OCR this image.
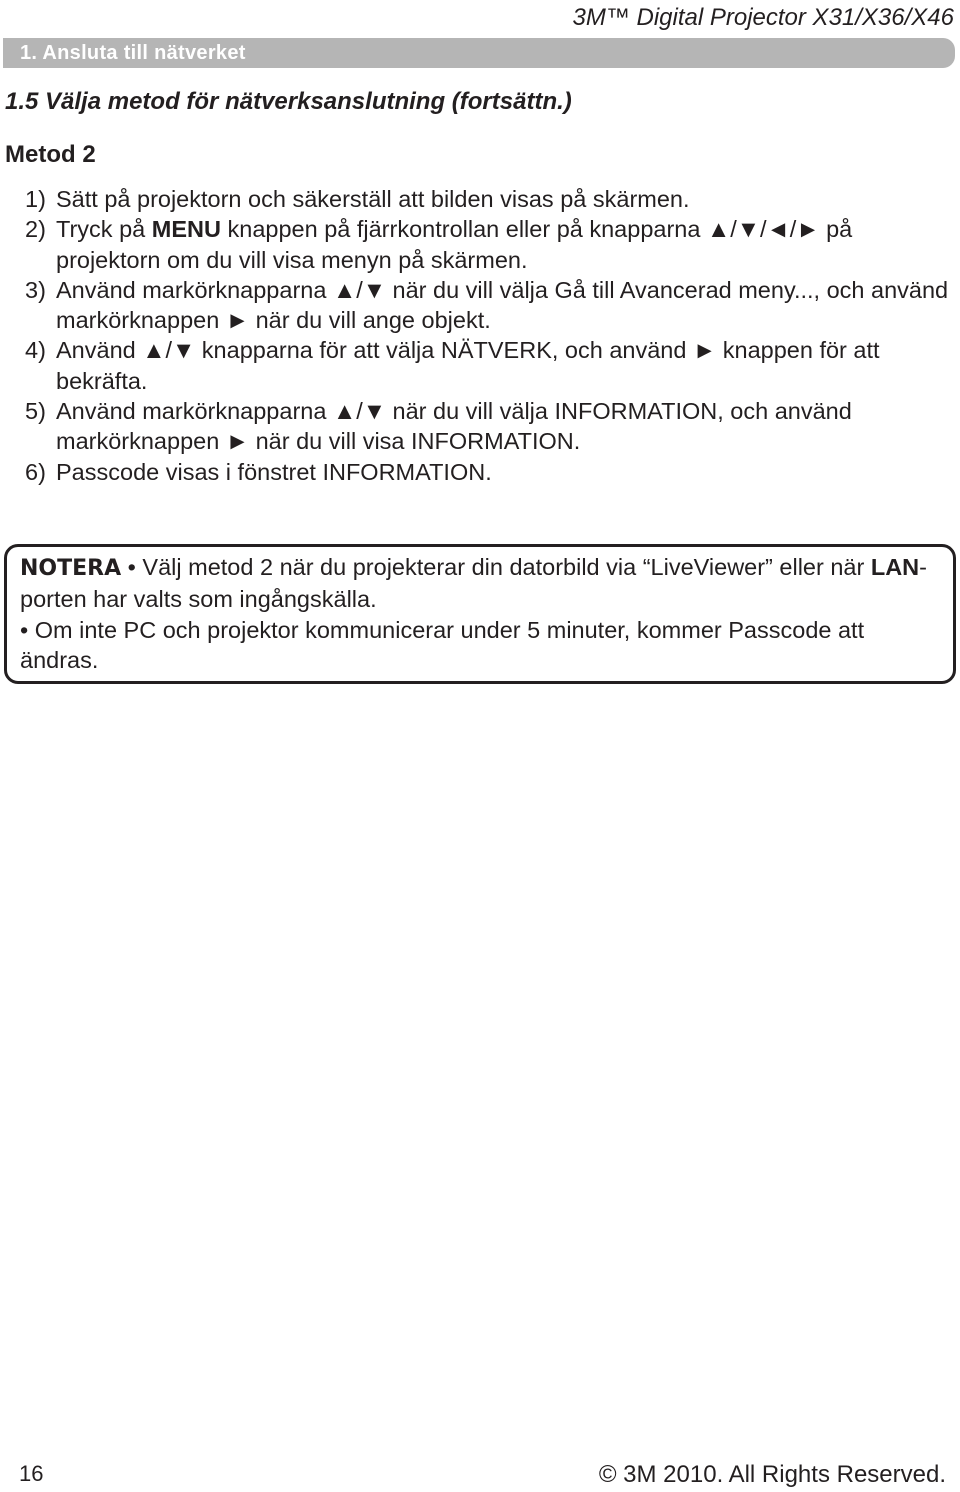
3M™ Digital Projector X31/X36/X46
1. Ansluta till nätverket
1.5 Välja metod för nätverksanslutning (fortsättn.)
Metod 2
1) Sätt på projektorn och säkerställ att bilden visas på skärmen.
2) Tryck på MENU knappen på fjärrkontrollan eller på knapparna ▲/▼/◄/► på projektorn om du vill visa menyn på skärmen.
3) Använd markörknapparna ▲/▼ när du vill välja Gå till Avancerad meny..., och använd markörknappen ► när du vill ange objekt.
4) Använd ▲/▼ knapparna för att välja NÄTVERK, och använd ► knappen för att bekräfta.
5) Använd markörknapparna ▲/▼ när du vill välja INFORMATION, och använd markörknappen ► när du vill visa INFORMATION.
6) Passcode visas i fönstret INFORMATION.
NOTERA • Välj metod 2 när du projekterar din datorbild via “LiveViewer” eller när LAN-porten har valts som ingångskälla.
• Om inte PC och projektor kommunicerar under 5 minuter, kommer Passcode att ändras.
16	© 3M 2010. All Rights Reserved.
